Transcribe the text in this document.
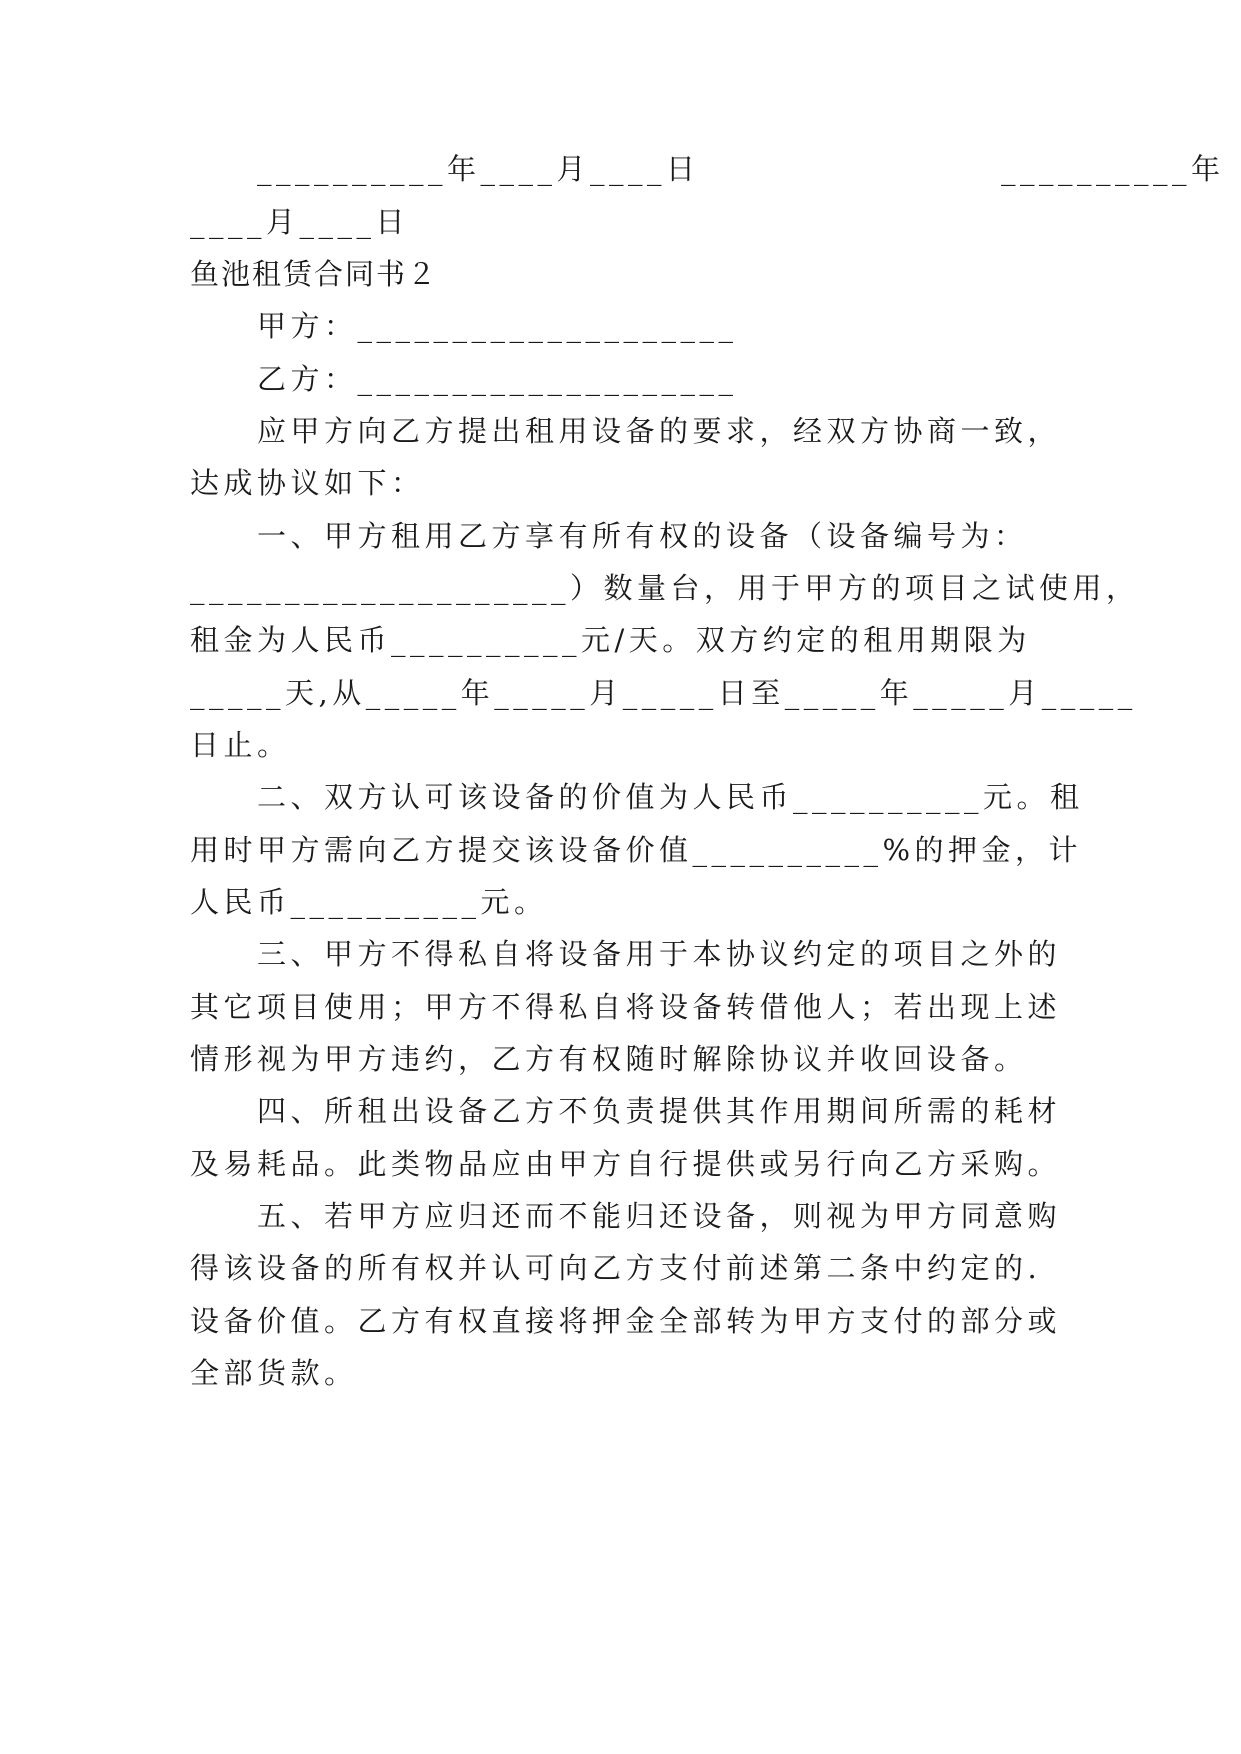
　　__________年____月____日　　　　　　　　　__________年
____月____日
鱼池租赁合同书２
　　甲方：____________________
　　乙方：____________________
　　应甲方向乙方提出租用设备的要求，经双方协商一致，
达成协议如下：
　　一、甲方租用乙方享有所有权的设备（设备编号为：
____________________）数量台，用于甲方的项目之试使用，
租金为人民币__________元/天。双方约定的租用期限为
_____天,从_____年_____月_____日至_____年_____月_____
日止。
　　二、双方认可该设备的价值为人民币__________元。租
用时甲方需向乙方提交该设备价值__________%的押金，计
人民币__________元。
　　三、甲方不得私自将设备用于本协议约定的项目之外的
其它项目使用；甲方不得私自将设备转借他人；若出现上述
情形视为甲方违约，乙方有权随时解除协议并收回设备。
　　四、所租出设备乙方不负责提供其作用期间所需的耗材
及易耗品。此类物品应由甲方自行提供或另行向乙方采购。
　　五、若甲方应归还而不能归还设备，则视为甲方同意购
得该设备的所有权并认可向乙方支付前述第二条中约定的.
设备价值。乙方有权直接将押金全部转为甲方支付的部分或
全部货款。
